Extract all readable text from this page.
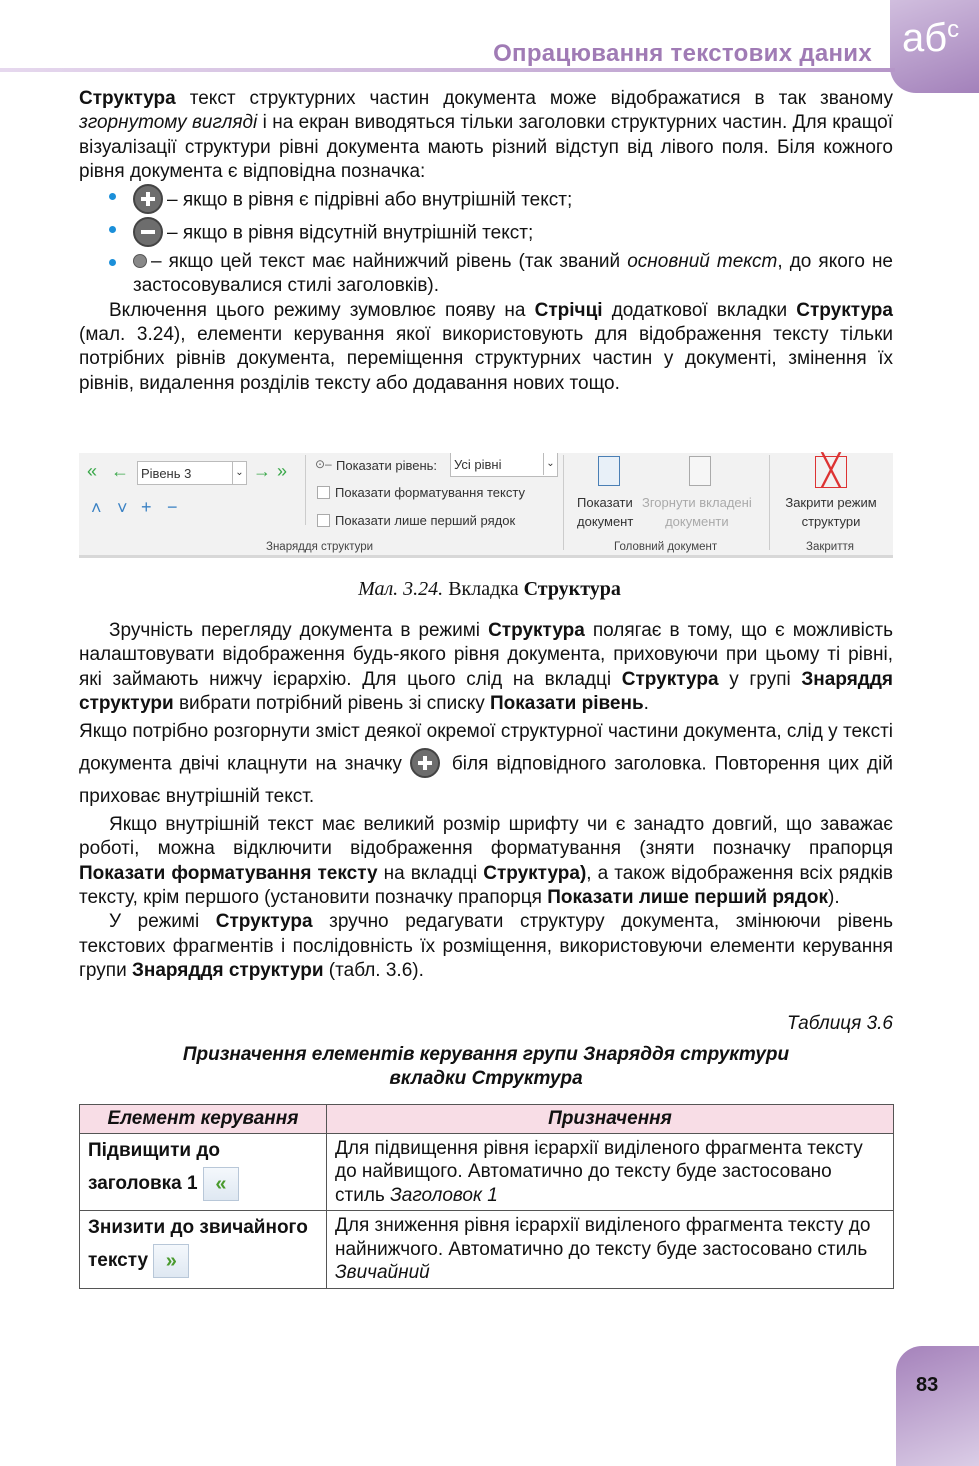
$аб^c$
Опрацювання текстових даних

Структура текст структурних частин документа може відображатися в так званому згорнутому вигляді і на екран виводяться тільки заголовки структурних частин. Для кращої візуалізації структури рівні документа мають різний відступ від лівого поля. Біля кожного рівня документа є відповідна позначка:

– якщо в рівня є підрівні або внутрішній текст;

– якщо в рівня відсутній внутрішній текст;

– якщо цей текст має найнижчий рівень (так званий основний текст, до якого не застосовувалися стилі заголовків).

Включення цього режиму зумовлює появу на Стрічці додаткової вкладки Структура (мал. 3.24), елементи керування якої використовують для відображення тексту тільки потрібних рівнів документа, переміщення структурних частин у документі, змінення їх рівнів, видалення розділів тексту або додавання нових тощо.

« ← Рівень 3	⌄ → »
˄ ˅ + −
⊙– Показати рівень:	Усі рівні	⌄
Показати форматування тексту
Показати лише перший рядок
Знаряддя структури
Показати
документ
Згорнути вкладені
документи
Головний документ
╳
Закрити режим
структури
Закриття
Мал. 3.24. Вкладка Структура

Зручність перегляду документа в режимі Структура полягає в тому, що є можливість налаштовувати відображення будь-якого рівня документа, приховуючи при цьому ті рівні, які займають нижчу ієрархію. Для цього слід на вкладці Структура у групі Знаряддя структури вибрати потрібний рівень зі списку Показати рівень.

Якщо потрібно розгорнути зміст деякої окремої структурної частини документа, слід у тексті документа двічі клацнути на значку  біля відповідного заголовка. Повторення цих дій приховає внутрішній текст.

Якщо внутрішній текст має великий розмір шрифту чи є занадто довгий, що заважає роботі, можна відключити відображення форматування (зняти позначку прапорця Показати форматування тексту на вкладці Структура), а також відображення всіх рядків тексту, крім першого (установити позначку прапорця Показати лише перший рядок).

У режимі Структура зручно редагувати структуру документа, змінюючи рівень текстових фрагментів і послідовність їх розміщення, використовуючи елементи керування групи Знаряддя структури (табл. 3.6).

Таблиця 3.6
Призначення елементів керування групи Знаряддя структури
вкладки Структура
Елемент керування	Призначення
Підвищити до заголовка 1 «	Для підвищення рівня ієрархії виділеного фрагмента тексту до найвищого. Автоматично до тексту буде застосовано стиль Заголовок 1
Знизити до звичайного тексту »	Для зниження рівня ієрархії виділеного фрагмента тексту до найнижчого. Автоматично до тексту буде застосовано стиль Звичайний
83
